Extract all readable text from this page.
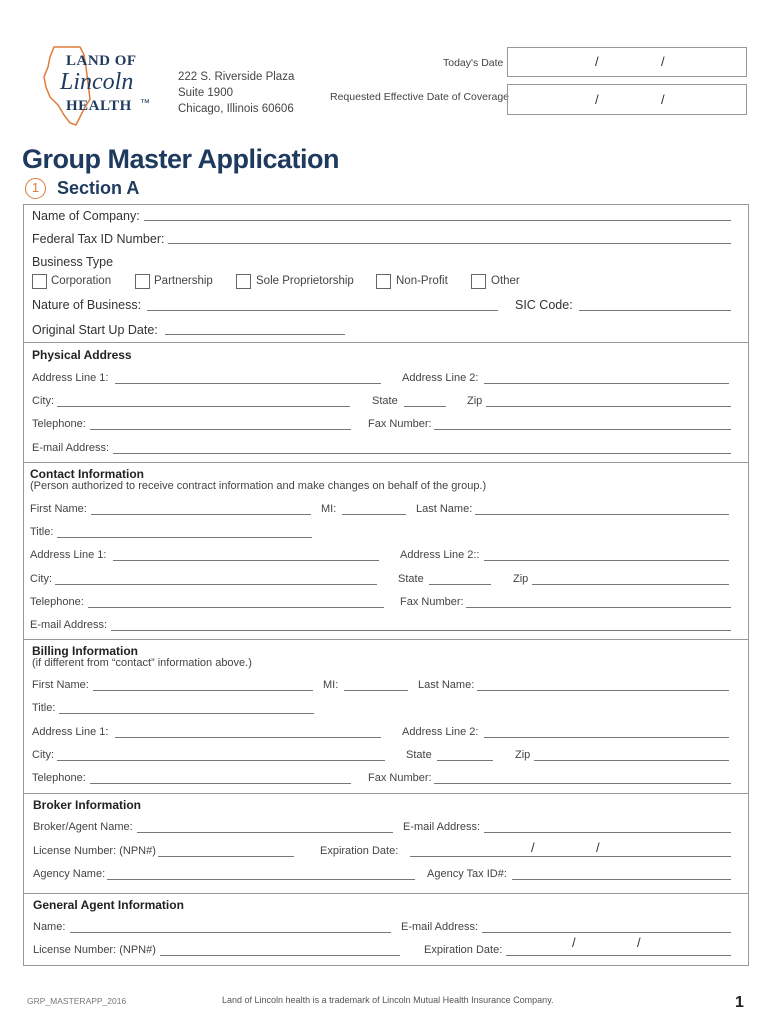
LAND OF
Lincoln
HEALTH ™
222 S. Riverside Plaza
Suite 1900
Chicago, Illinois 60606
Today's Date	/	/
Requested Effective Date of Coverage	/	/
Group Master Application
1 Section A
Name of Company:
Federal Tax ID Number:
Business Type
Corporation	Partnership	Sole Proprietorship	Non-Profit	Other
Nature of Business:	SIC Code:
Original Start Up Date:
Physical Address
Address Line 1:	Address Line 2:
City:	State	Zip
Telephone:	Fax Number:
E-mail Address:
Contact Information
(Person authorized to receive contract information and make changes on behalf of the group.)
First Name:	MI:	Last Name:
Title:
Address Line 1:	Address Line 2::
City:	State	Zip
Telephone:	Fax Number:
E-mail Address:
Billing Information
(if different from “contact” information above.)
First Name:	MI:	Last Name:
Title:
Address Line 1:	Address Line 2:
City:	State	Zip
Telephone:	Fax Number:
Broker Information
Broker/Agent Name:	E-mail Address:
License Number: (NPN#)	Expiration Date:	/	/
Agency Name:	Agency Tax ID#:
General Agent Information
Name:	E-mail Address:
License Number: (NPN#)	Expiration Date:	/	/
GRP_MASTERAPP_2016	Land of Lincoln health is a trademark of Lincoln Mutual Health Insurance Company.	1
